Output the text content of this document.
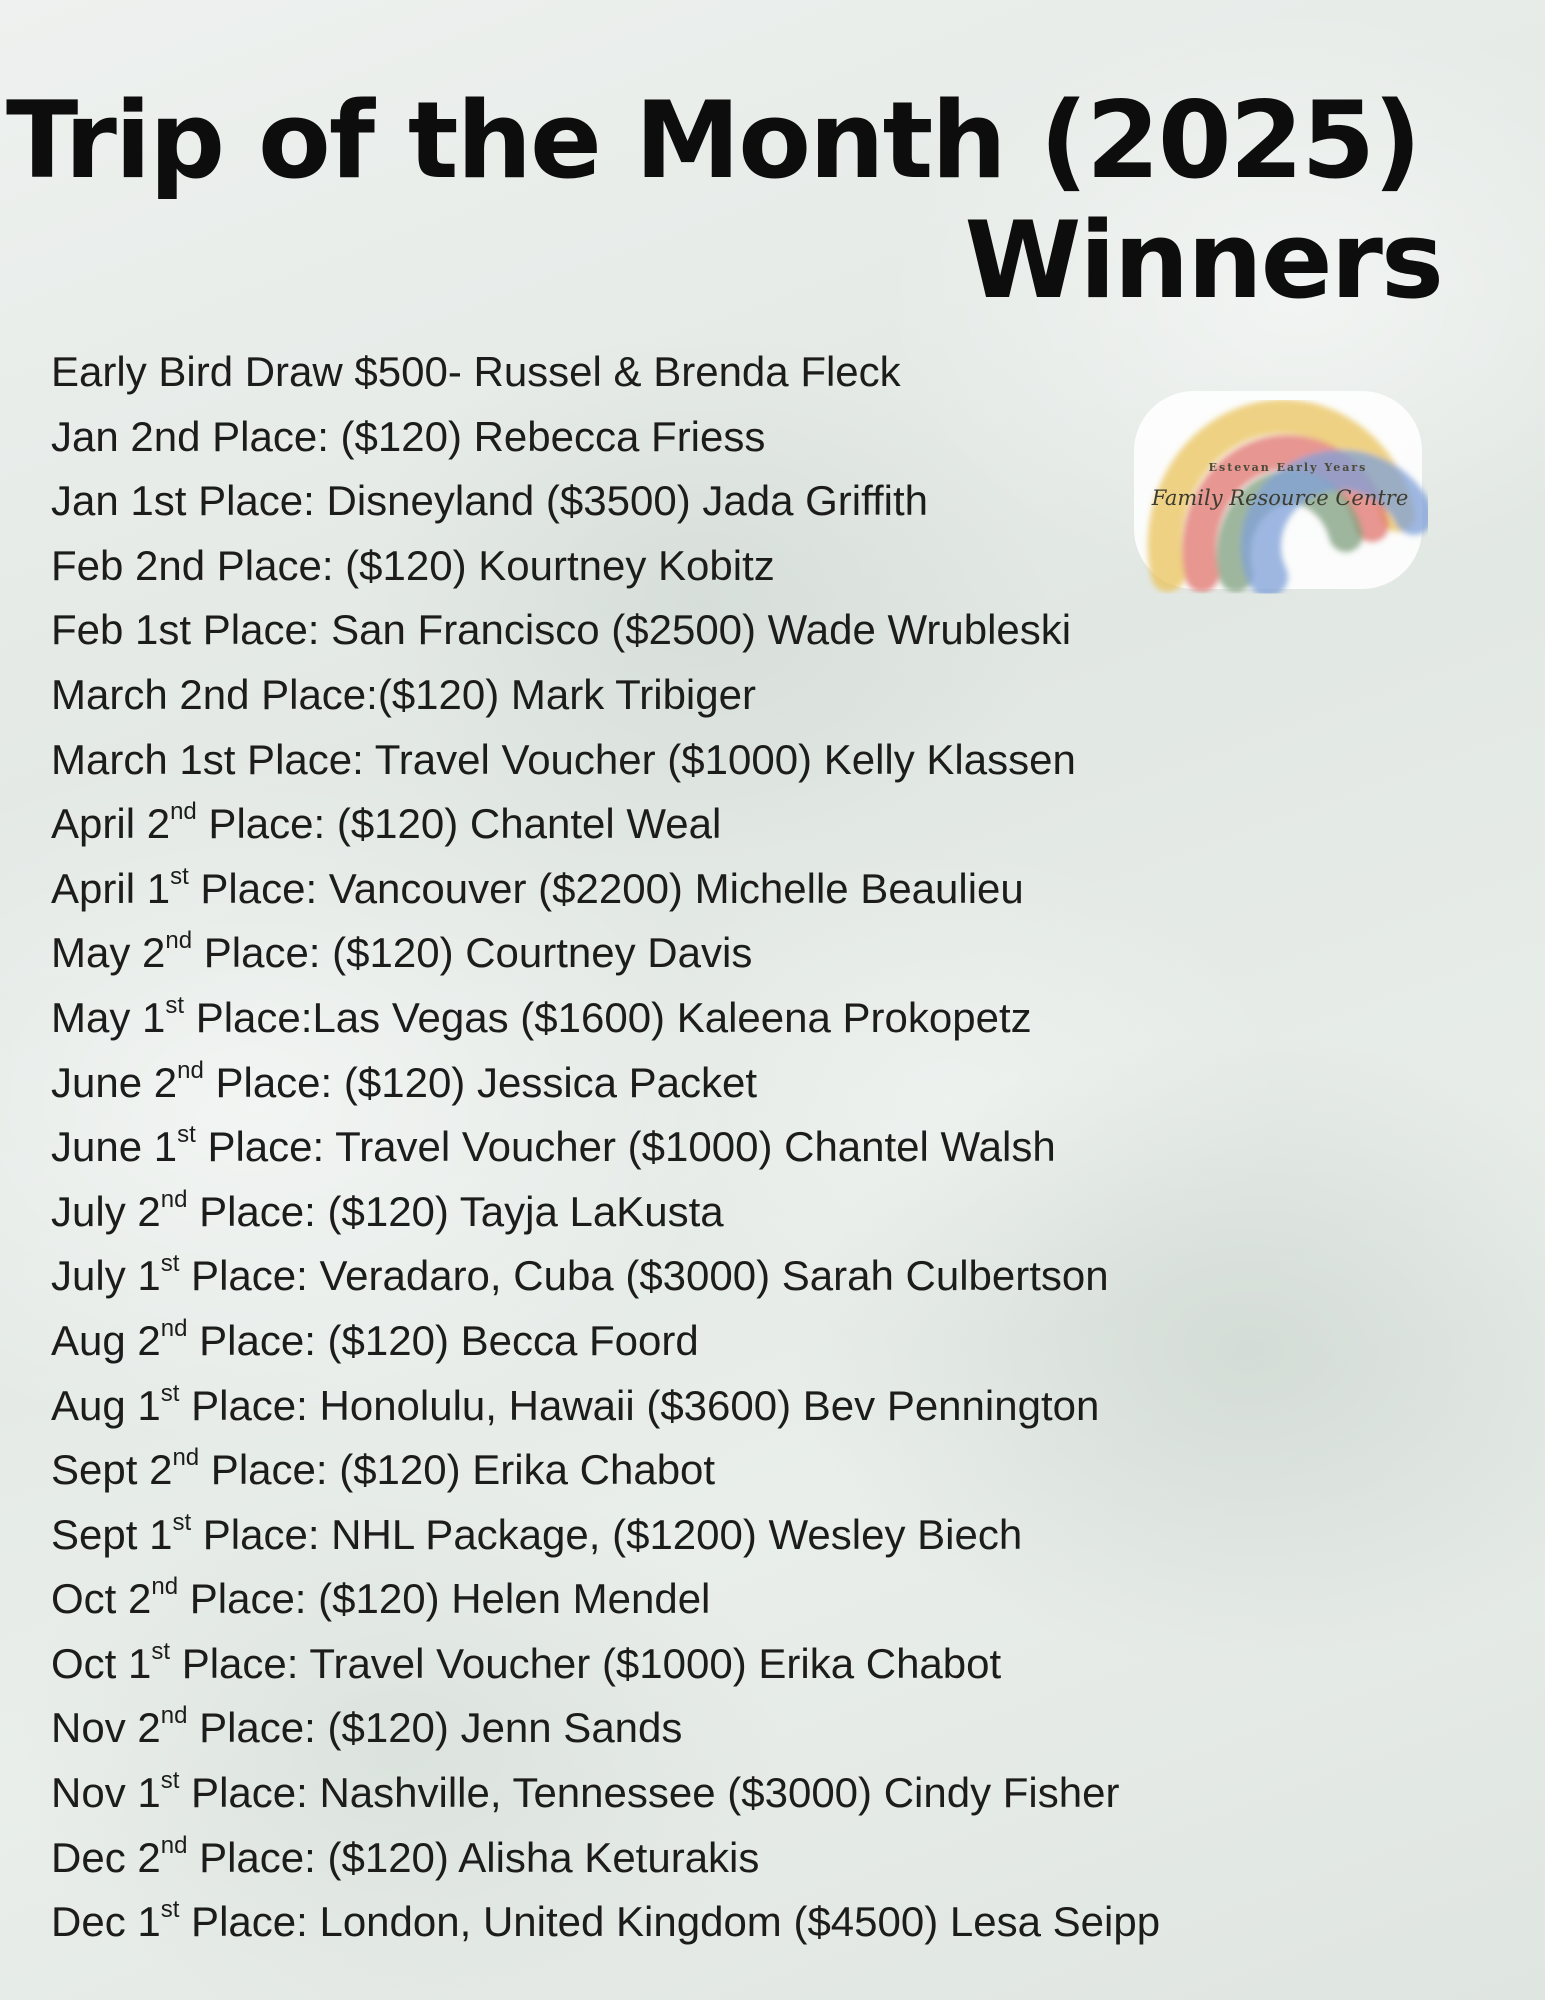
Trip of the Month (2025)
Winners
Estevan Early Years
Family Resource Centre
Early Bird Draw $500- Russel & Brenda Fleck
Jan 2nd Place: ($120) Rebecca Friess
Jan 1st Place: Disneyland ($3500) Jada Griffith
Feb 2nd Place: ($120) Kourtney Kobitz
Feb 1st Place: San Francisco ($2500) Wade Wrubleski
March 2nd Place:($120) Mark Tribiger
March 1st Place: Travel Voucher ($1000) Kelly Klassen
April 2nd Place: ($120) Chantel Weal
April 1st Place: Vancouver ($2200) Michelle Beaulieu
May 2nd Place: ($120) Courtney Davis
May 1st Place:Las Vegas ($1600) Kaleena Prokopetz
June 2nd Place: ($120) Jessica Packet
June 1st Place: Travel Voucher ($1000) Chantel Walsh
July 2nd Place: ($120) Tayja LaKusta
July 1st Place: Veradaro, Cuba ($3000) Sarah Culbertson
Aug 2nd Place: ($120) Becca Foord
Aug 1st Place: Honolulu, Hawaii ($3600) Bev Pennington
Sept 2nd Place: ($120) Erika Chabot
Sept 1st Place: NHL Package, ($1200) Wesley Biech
Oct 2nd Place: ($120) Helen Mendel
Oct 1st Place: Travel Voucher ($1000) Erika Chabot
Nov 2nd Place: ($120) Jenn Sands
Nov 1st Place: Nashville, Tennessee ($3000) Cindy Fisher
Dec 2nd Place: ($120) Alisha Keturakis
Dec 1st Place: London, United Kingdom ($4500) Lesa Seipp
